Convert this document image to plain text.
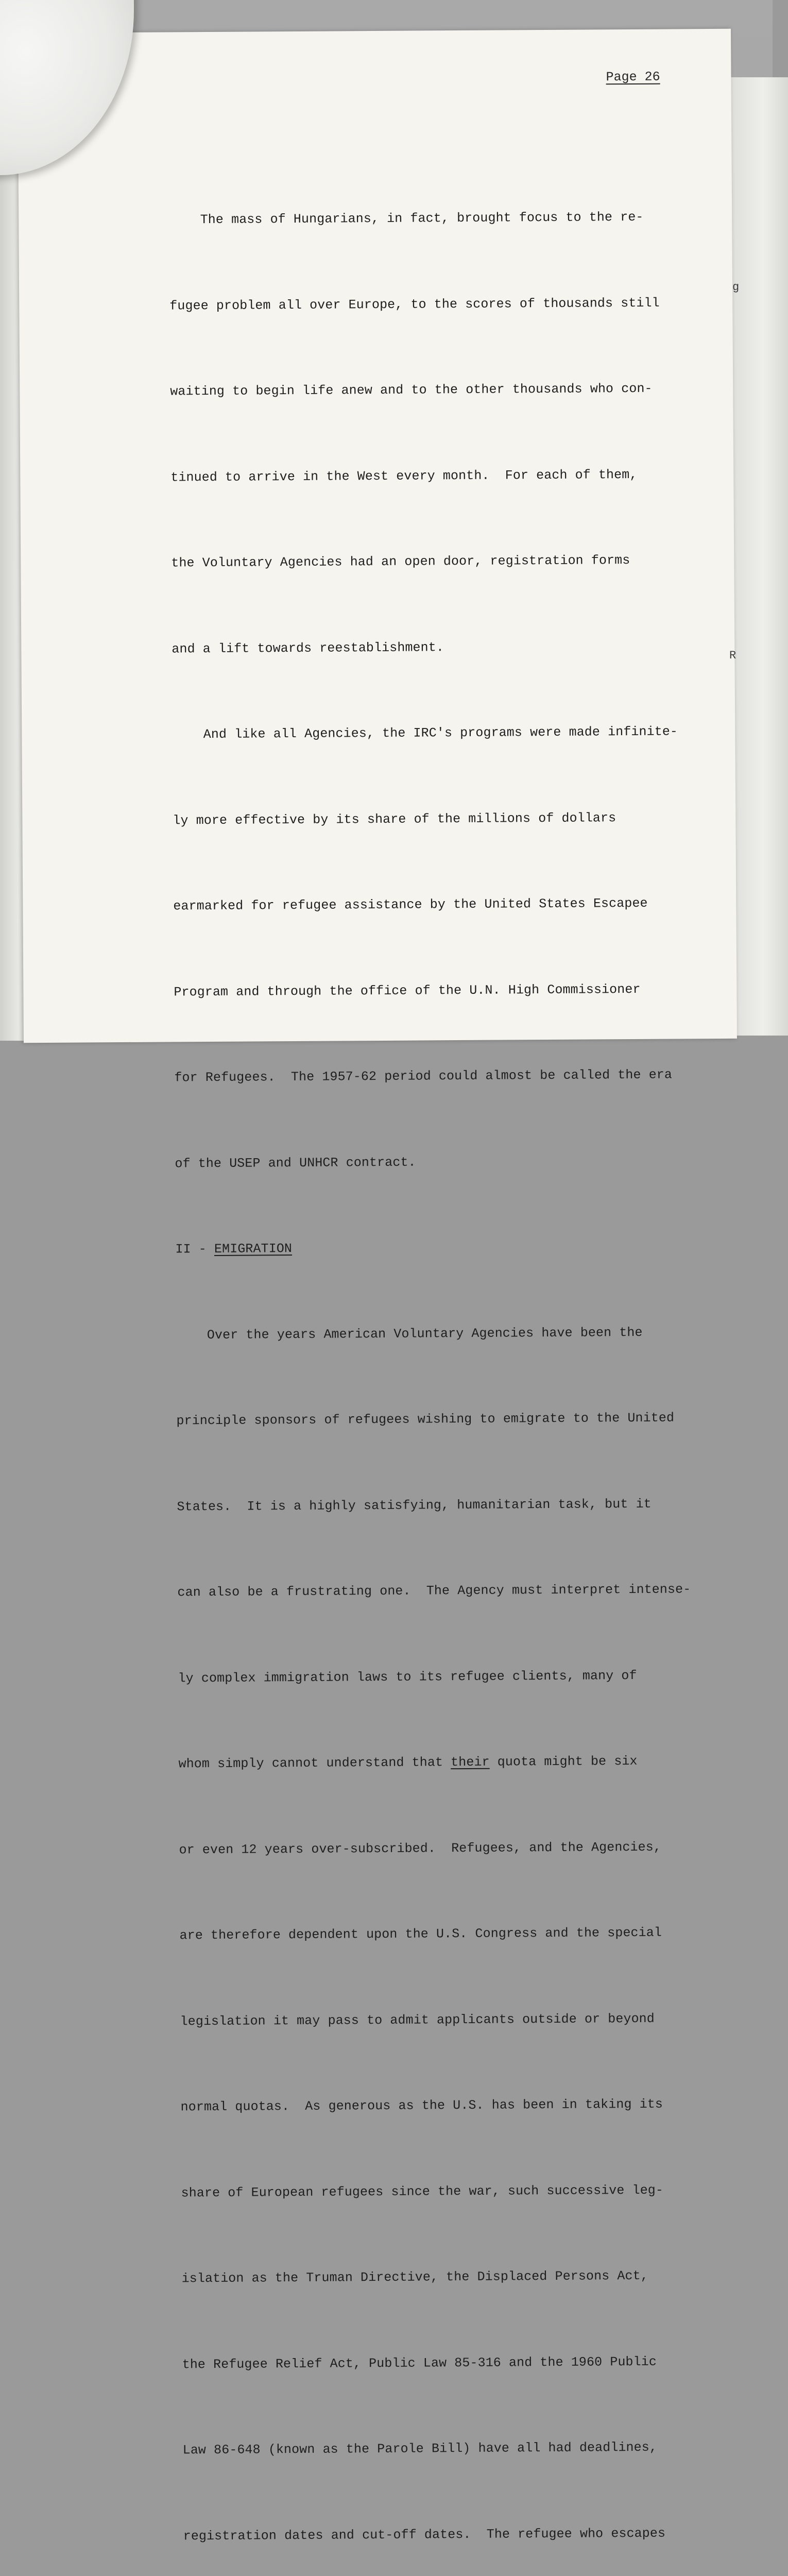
Page 26

The mass of Hungarians, in fact, brought focus to the re-

fugee problem all over Europe, to the scores of thousands still

waiting to begin life anew and to the other thousands who con-

tinued to arrive in the West every month.  For each of them,

the Voluntary Agencies had an open door, registration forms

and a lift towards reestablishment.

And like all Agencies, the IRC's programs were made infinite-

ly more effective by its share of the millions of dollars

earmarked for refugee assistance by the United States Escapee

Program and through the office of the U.N. High Commissioner

for Refugees.  The 1957-62 period could almost be called the era

of the USEP and UNHCR contract.

II - EMIGRATION

Over the years American Voluntary Agencies have been the

principle sponsors of refugees wishing to emigrate to the United

States.  It is a highly satisfying, humanitarian task, but it

can also be a frustrating one.  The Agency must interpret intense-

ly complex immigration laws to its refugee clients, many of

whom simply cannot understand that their quota might be six

or even 12 years over-subscribed.  Refugees, and the Agencies,

are therefore dependent upon the U.S. Congress and the special

legislation it may pass to admit applicants outside or beyond

normal quotas.  As generous as the U.S. has been in taking its

share of European refugees since the war, such successive leg-

islation as the Truman Directive, the Displaced Persons Act,

the Refugee Relief Act, Public Law 85-316 and the 1960 Public

Law 86-648 (known as the Parole Bill) have all had deadlines,

registration dates and cut-off dates.  The refugee who escapes

g
R
